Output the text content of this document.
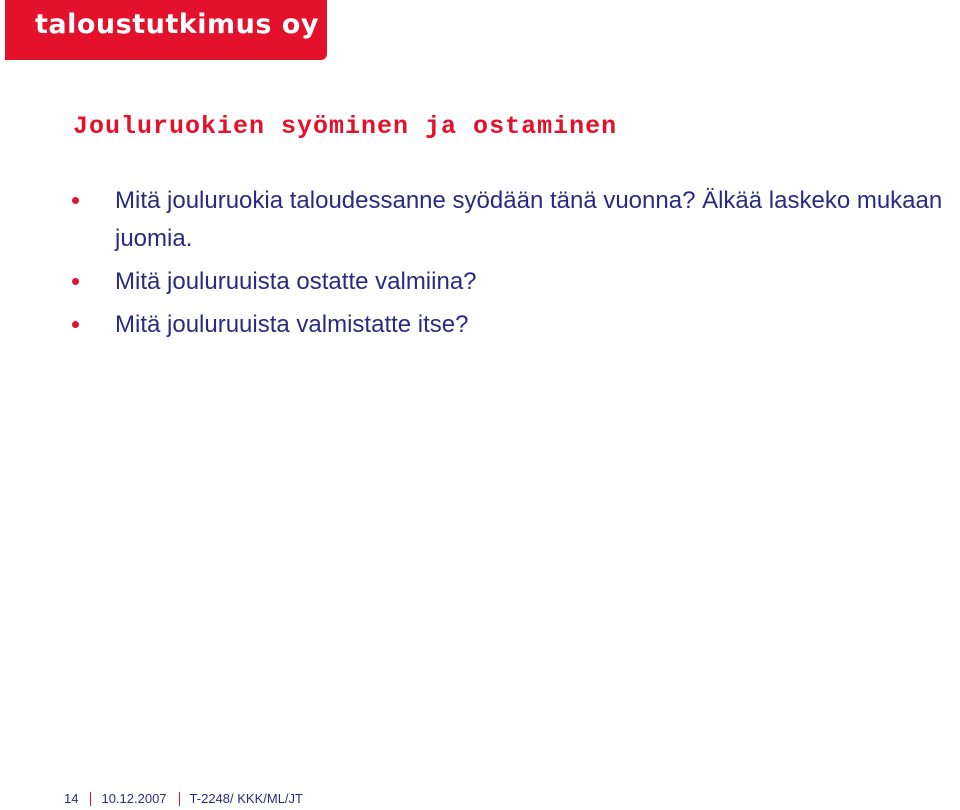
taloustutkimus oy
Jouluruokien syöminen ja ostaminen
Mitä jouluruokia taloudessanne syödään tänä vuonna? Älkää laskeko mukaan juomia.
Mitä jouluruuista ostatte valmiina?
Mitä jouluruuista valmistatte itse?
14 10.12.2007 T-2248/ KKK/ML/JT
